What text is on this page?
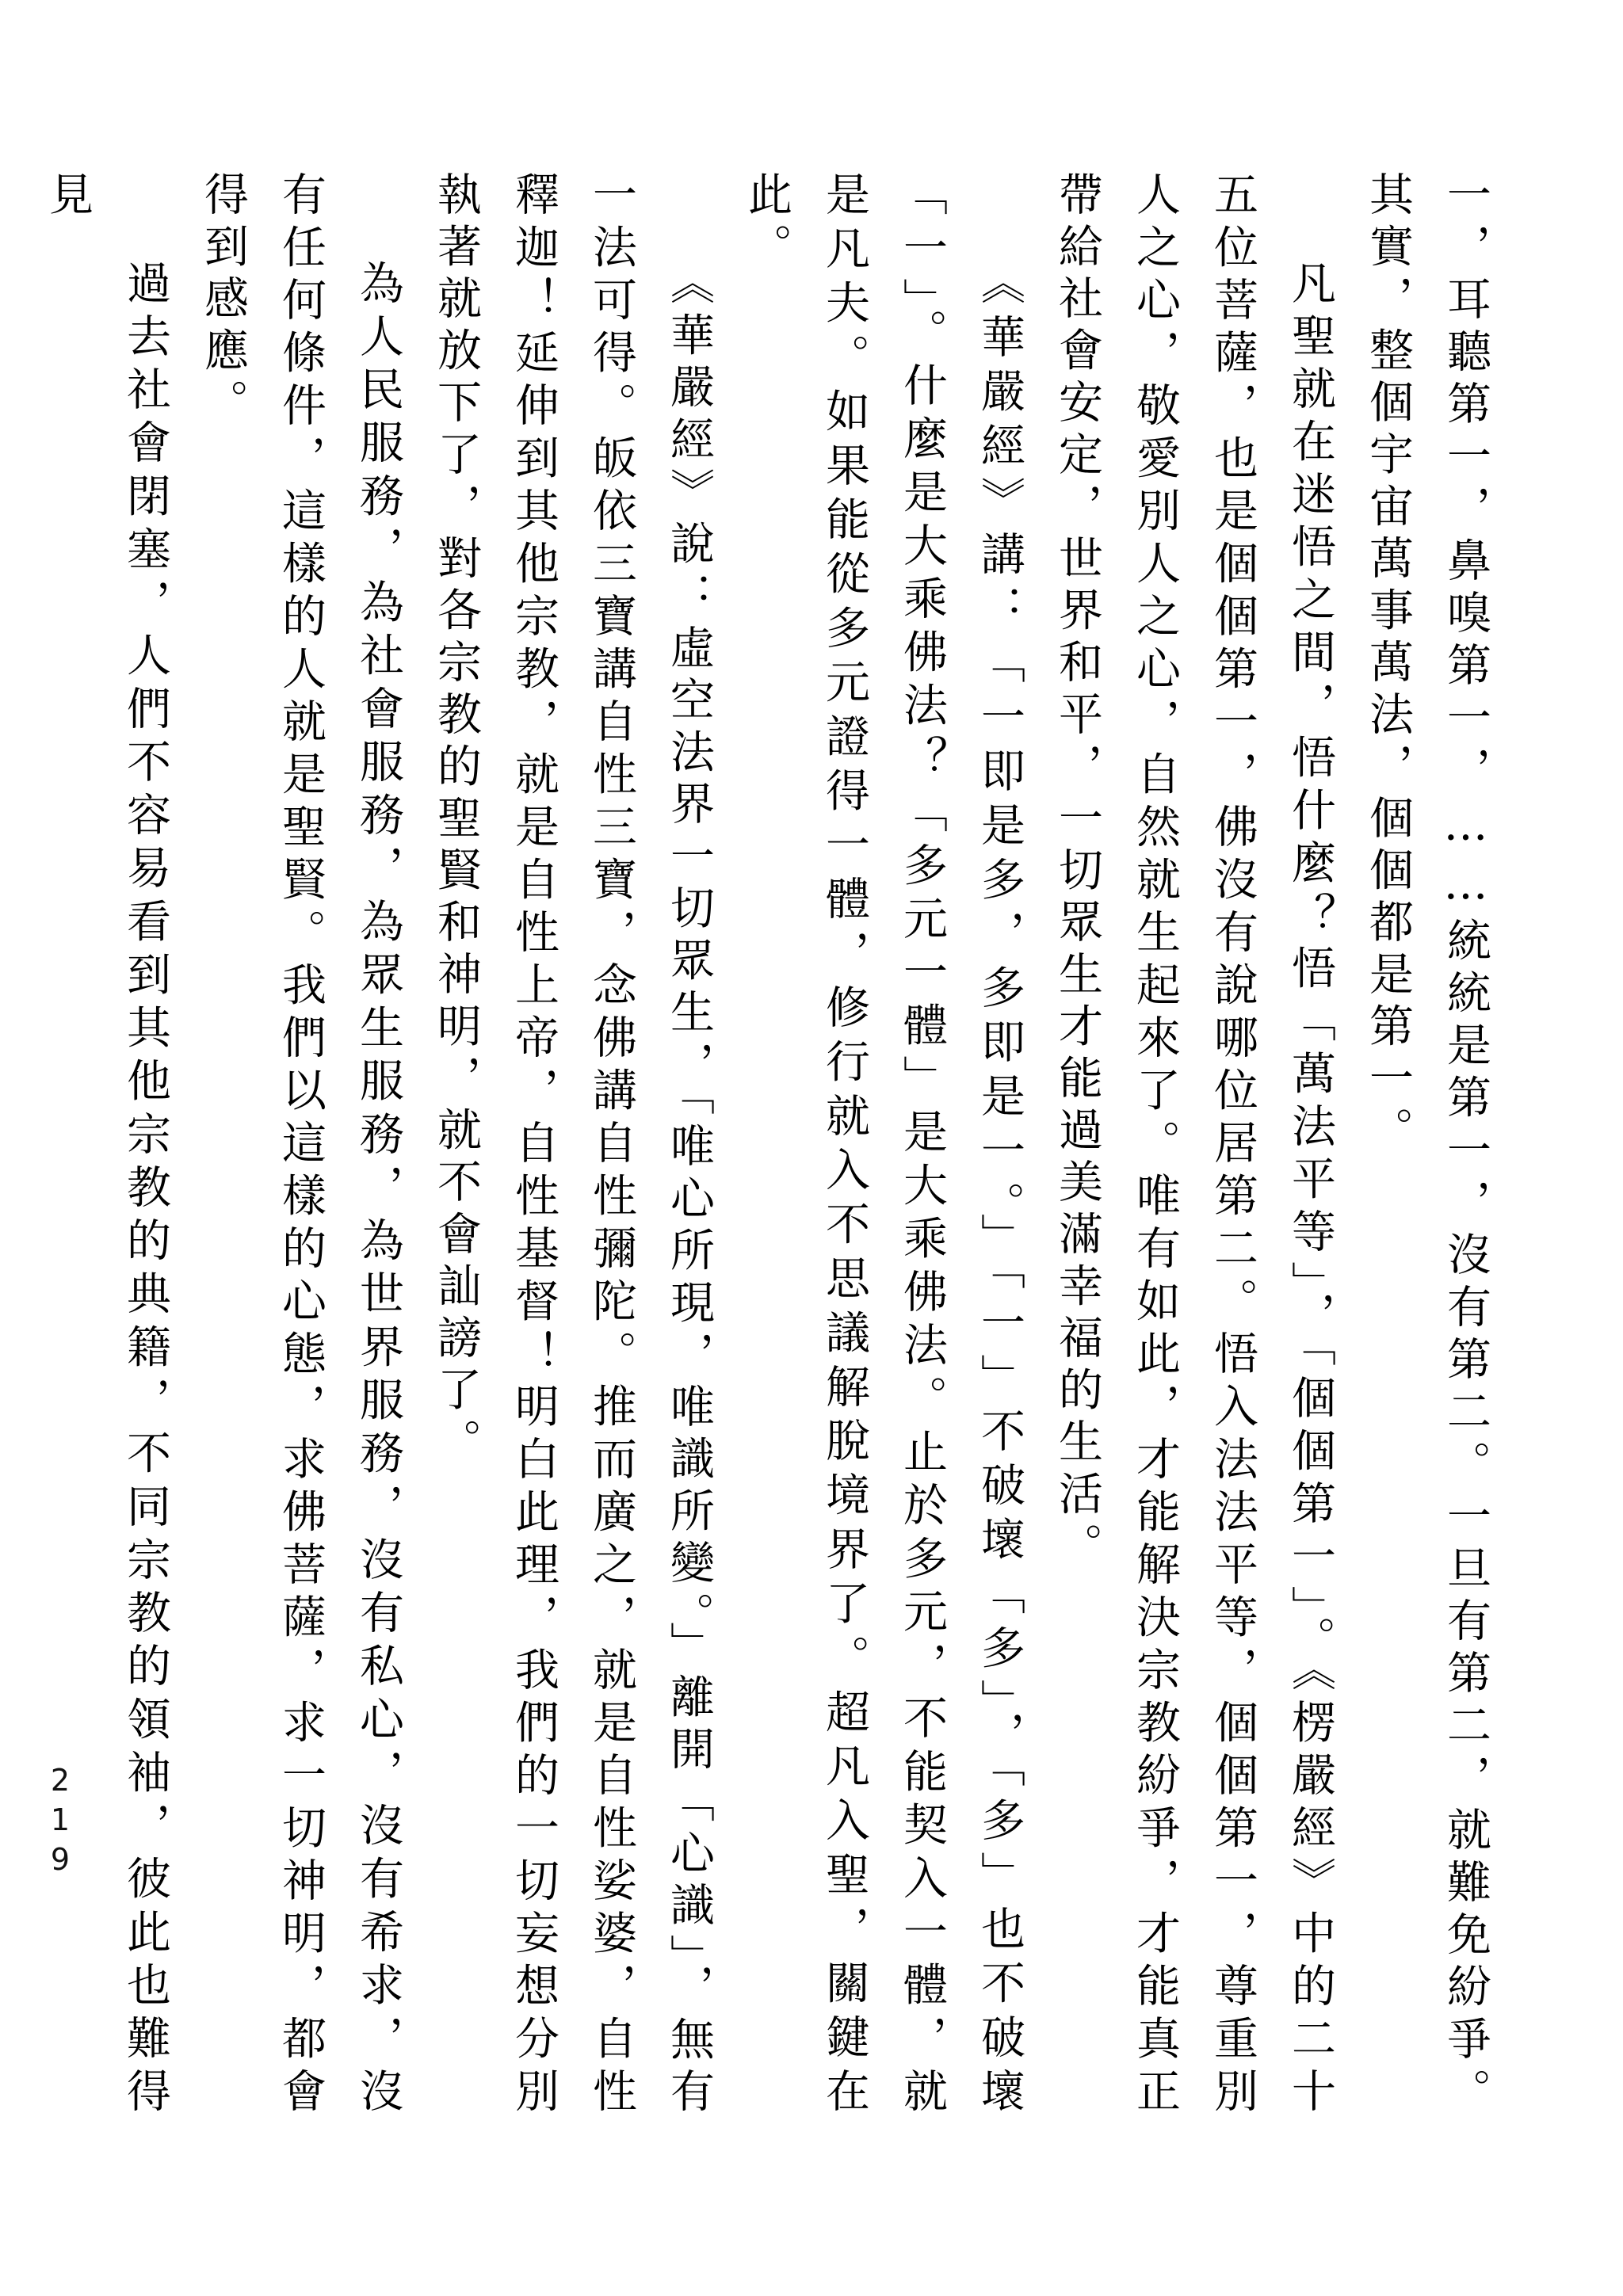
一，耳聽第一，鼻嗅第一，……統統是第一，沒有第二。一旦有第二，就難免紛爭。其實，整個宇宙萬事萬法，個個都是第一。

凡聖就在迷悟之間，悟什麼？悟「萬法平等」，「個個第一」。《楞嚴經》中的二十五位菩薩，也是個個第一，佛沒有說哪位居第二。悟入法法平等，個個第一，尊重別人之心，敬愛別人之心，自然就生起來了。唯有如此，才能解決宗教紛爭，才能真正帶給社會安定，世界和平，一切眾生才能過美滿幸福的生活。

《華嚴經》講：「一即是多，多即是一。」「一」不破壞「多」，「多」也不破壞「一」。什麼是大乘佛法？「多元一體」是大乘佛法。止於多元，不能契入一體，就是凡夫。如果能從多元證得一體，修行就入不思議解脫境界了。超凡入聖，關鍵在此。

《華嚴經》說：虛空法界一切眾生，「唯心所現，唯識所變。」離開「心識」，無有一法可得。皈依三寶講自性三寶，念佛講自性彌陀。推而廣之，就是自性娑婆，自性釋迦！延伸到其他宗教，就是自性上帝，自性基督！明白此理，我們的一切妄想分別執著就放下了，對各宗教的聖賢和神明，就不會訕謗了。

為人民服務，為社會服務，為眾生服務，為世界服務，沒有私心，沒有希求，沒有任何條件，這樣的人就是聖賢。我們以這樣的心態，求佛菩薩，求一切神明，都會得到感應。

過去社會閉塞，人們不容易看到其他宗教的典籍，不同宗教的領袖，彼此也難得見

219
